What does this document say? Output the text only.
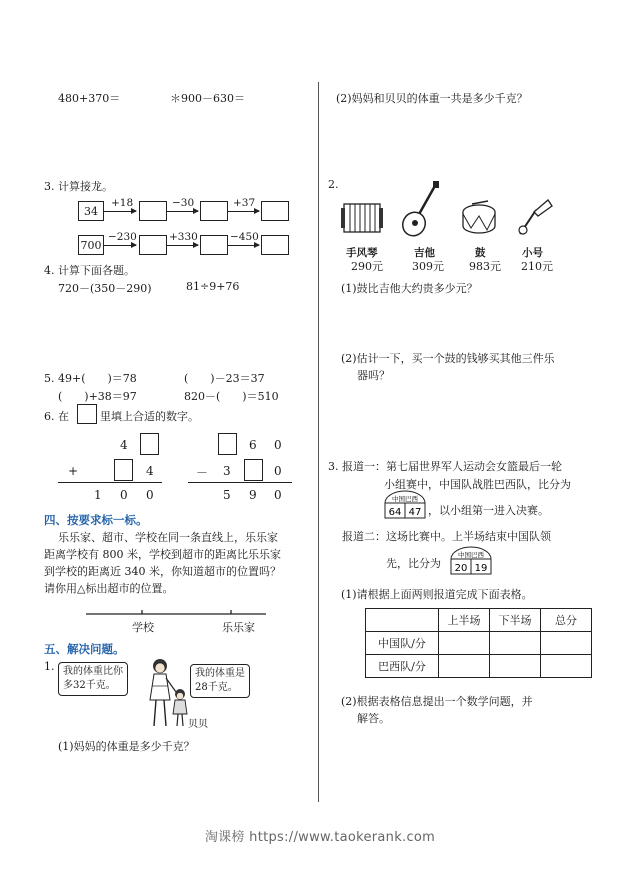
480+370＝	＊900－630＝
3. 计算接龙。
34
+18	−30	+37
700
−230	+330	−450
4. 计算下面各题。
720－(350－290)	81÷9+76
5. 49+(　　)＝78	(　　)－23＝37
(　　)+38＝97	820－(　　)＝510
6. 在	里填上合适的数字。
4
+	4
1 0 0
6 0
－ 3	0
5 9 0
四、按要求标一标。
乐乐家、超市、学校在同一条直线上，乐乐家
距离学校有 800 米，学校到超市的距离比乐乐家
到学校的距离近 340 米，你知道超市的位置吗？
请你用△标出超市的位置。
学校	乐乐家
五、解决问题。
1. 我的体重比你
多32千克。
我的体重是
28千克。
贝贝
(1)妈妈的体重是多少千克？
(2)妈妈和贝贝的体重一共是多少千克？
2.
手风琴
290元
吉他
309元
鼓
983元
小号
210元
(1)鼓比吉他大约贵多少元？
(2)估计一下，买一个鼓的钱够买其他三件乐
器吗？
3. 报道一：第七届世界军人运动会女篮最后一轮
小组赛中，中国队战胜巴西队，比分为
中国巴西
64 47 ，以小组第一进入决赛。
报道二：这场比赛中。上半场结束中国队领
先，比分为
中国巴西
20 19
(1)请根据上面两则报道完成下面表格。
	上半场	下半场	总分
中国队/分			
巴西队/分			
(2)根据表格信息提出一个数学问题，并
解答。
淘课榜 https://www.taokerank.com
